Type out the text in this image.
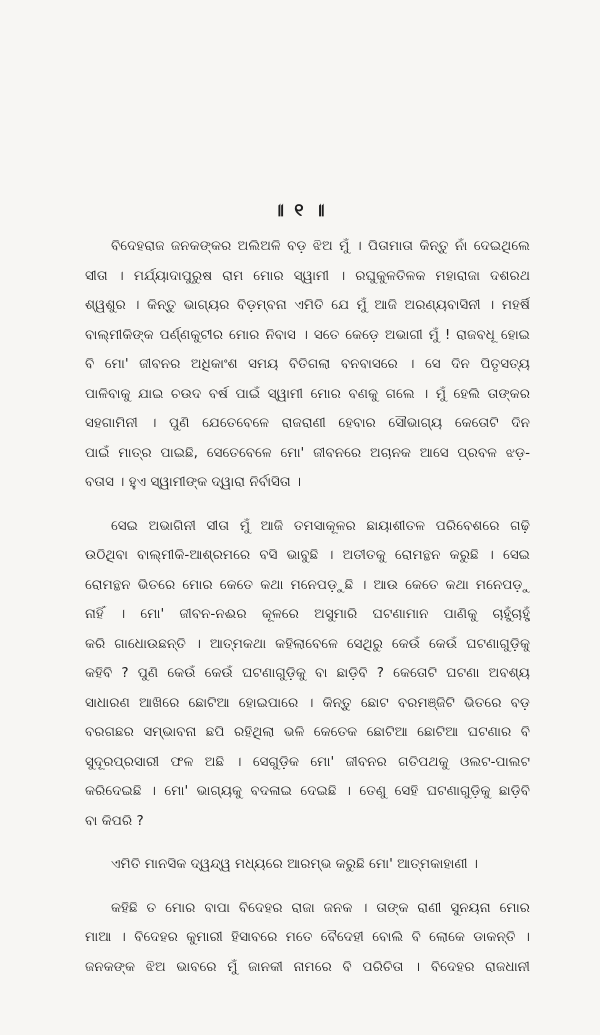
॥ ୧ ॥
ବିଦେହରାଜ ଜନକଙ୍କର ଅଲିଅଳି ବଡ଼ ଝିଅ ମୁଁ । ପିତାମାତା କିନ୍ତୁ ନାଁ ଦେଇଥିଲେ
ସୀତା । ମର୍ଯ୍ୟାଦାପୁରୁଷ ରାମ ମୋର ସ୍ୱାମୀ । ରଘୁକୁଳତିଳକ ମହାରାଜା ଦଶରଥ
ଶ୍ୱଶୁର । କିନ୍ତୁ ଭାଗ୍ୟର ବିଡ଼ମ୍ବନା ଏମିତି ଯେ ମୁଁ ଆଜି ଅରଣ୍ୟବାସିନୀ । ମହର୍ଷି
ବାଲ୍ମୀକିଙ୍କ ପର୍ଣ୍ଣକୁଟୀର ମୋର ନିବାସ । ସତେ କେଡ଼େ ଅଭାଗୀ ମୁଁ ! ରାଜବଧୂ ହୋଇ
ବି ମୋ' ଜୀବନର ଅଧିକାଂଶ ସମୟ ବିତିଗଲା ବନବାସରେ । ସେ ଦିନ ପିତୃସତ୍ୟ
ପାଳିବାକୁ ଯାଇ ଚଉଦ ବର୍ଷ ପାଇଁ ସ୍ୱାମୀ ମୋର ବଣକୁ ଗଲେ । ମୁଁ ହେଲି ତାଙ୍କର
ସହଗାମିନୀ । ପୁଣି ଯେତେବେଳେ ରାଜରାଣୀ ହେବାର ସୌଭାଗ୍ୟ କେତୋଟି ଦିନ
ପାଇଁ ମାତ୍ର ପାଇଛି, ସେତେବେଳେ ମୋ' ଜୀବନରେ ଅଚାନକ ଆସେ ପ୍ରବଳ ଝଡ଼-
ବତାସ । ହୁଏ ସ୍ୱାମୀଙ୍କ ଦ୍ୱାରା ନିର୍ବାସିତା ।
ସେଇ ଅଭାଗିନୀ ସୀତା ମୁଁ ଆଜି ତମସାକୂଳର ଛାୟାଶୀତଳ ପରିବେଶରେ ଗଢ଼ି
ଉଠିଥିବା ବାଲ୍ମୀକି-ଆଶ୍ରମରେ ବସି ଭାବୁଛି । ଅତୀତକୁ ରୋମନ୍ଥନ କରୁଛି । ସେଇ
ରୋମନ୍ଥନ ଭିତରେ ମୋର କେତେ କଥା ମନେପଡ଼ୁଛି । ଆଉ କେତେ କଥା ମନେପଡ଼ୁ
ନାହିଁ । ମୋ' ଜୀବନ-ନଈର କୂଳରେ ଅସୁମାରି ଘଟଣାମାନ ପାଣିକୁ ଚାହୁଁଚାହୁଁ
କରି ଗାଧୋଉଛନ୍ତି । ଆତ୍ମକଥା କହିଲାବେଳେ ସେଥିରୁ କେଉଁ କେଉଁ ଘଟଣାଗୁଡ଼ିକୁ
କହିବି ? ପୁଣି କେଉଁ କେଉଁ ଘଟଣାଗୁଡ଼ିକୁ ବା ଛାଡ଼ିବି ? କେତୋଟି ଘଟଣା ଅବଶ୍ୟ
ସାଧାରଣ ଆଖିରେ ଛୋଟିଆ ହୋଇପାରେ । କିନ୍ତୁ ଛୋଟ ବରମଞ୍ଜିଟି ଭିତରେ ବଡ଼
ବରଗଛର ସମ୍ଭାବନା ଛପି ରହିଥିଲା ଭଳି କେତେକ ଛୋଟିଆ ଛୋଟିଆ ଘଟଣାର ବି
ସୁଦୂରପ୍ରସାରୀ ଫଳ ଅଛି । ସେଗୁଡ଼ିକ ମୋ' ଜୀବନର ଗତିପଥକୁ ଓଲଟ-ପାଲଟ
କରିଦେଇଛି । ମୋ' ଭାଗ୍ୟକୁ ବଦଳାଇ ଦେଇଛି । ତେଣୁ ସେହି ଘଟଣାଗୁଡ଼ିକୁ ଛାଡ଼ିବି
ବା କିପରି ?
ଏମିତି ମାନସିକ ଦ୍ୱନ୍ଦ୍ୱ ମଧ୍ୟରେ ଆରମ୍ଭ କରୁଛି ମୋ' ଆତ୍ମକାହାଣୀ ।
କହିଛି ତ ମୋର ବାପା ବିଦେହର ରାଜା ଜନକ । ତାଙ୍କ ରାଣୀ ସୁନୟନା ମୋର
ମାଆ । ବିଦେହର କୁମାରୀ ହିସାବରେ ମତେ ବୈଦେହୀ ବୋଲି ବି ଲୋକେ ଡାକନ୍ତି ।
ଜନକଙ୍କ ଝିଅ ଭାବରେ ମୁଁ ଜାନକୀ ନାମରେ ବି ପରିଚିତା । ବିଦେହର ରାଜଧାନୀ
